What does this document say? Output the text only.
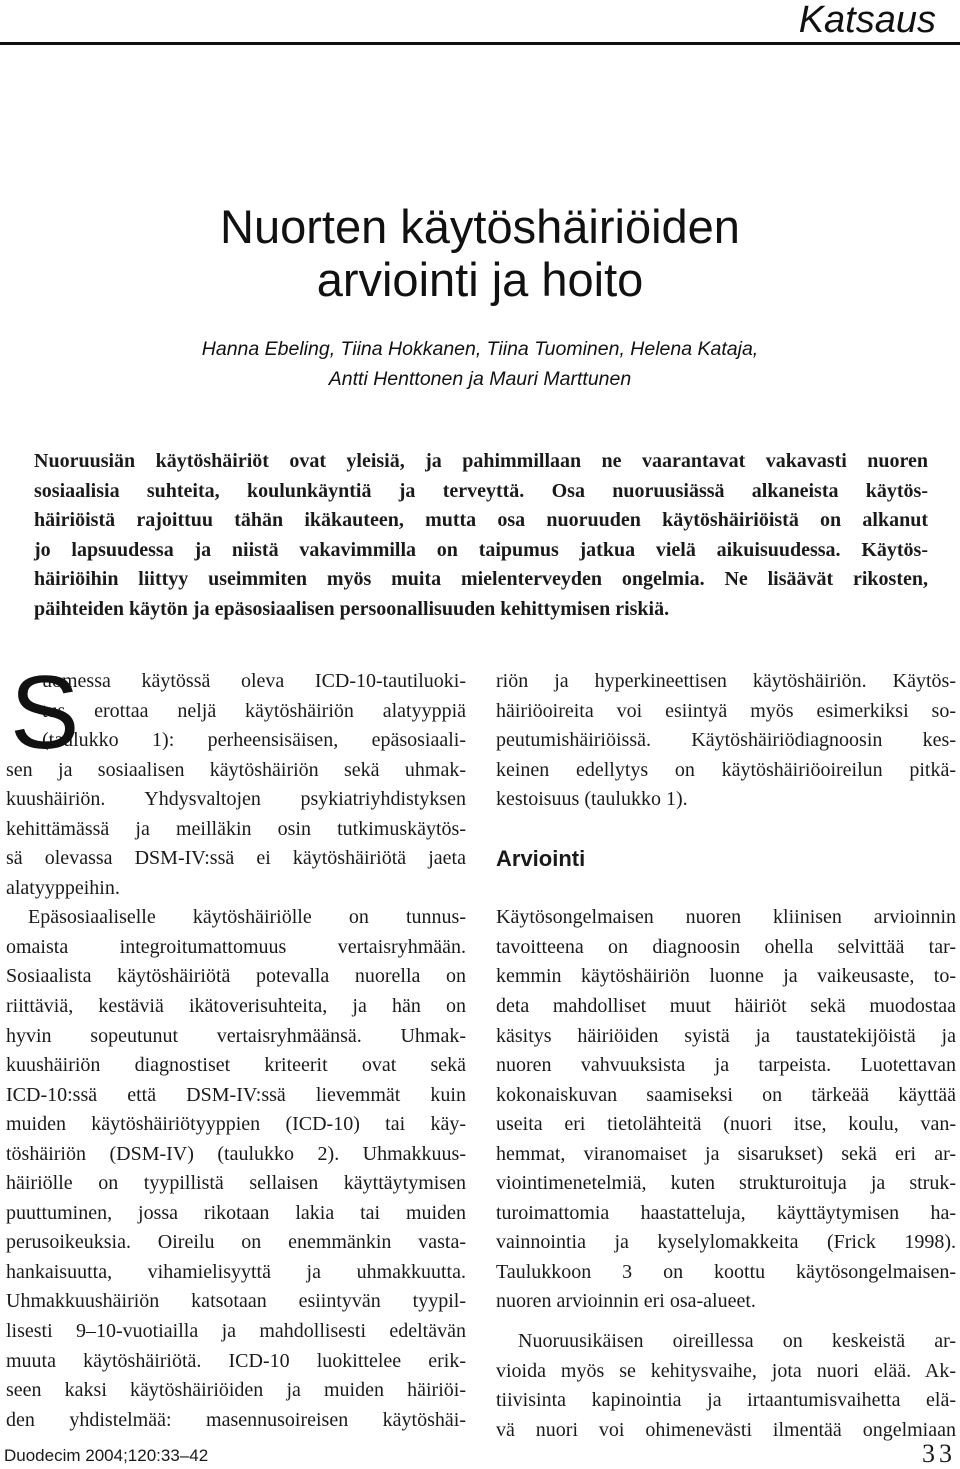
Katsaus
Nuorten käytöshäiriöiden
arviointi ja hoito

Hanna Ebeling, Tiina Hokkanen, Tiina Tuominen, Helena Kataja,
Antti Henttonen ja Mauri Marttunen

Nuoruusiän käytöshäiriöt ovat yleisiä, ja pahimmillaan ne vaarantavat vakavasti nuoren
sosiaalisia suhteita, koulunkäyntiä ja terveyttä. Osa nuoruusiässä alkaneista käytös-
häiriöistä rajoittuu tähän ikäkauteen, mutta osa nuoruuden käytöshäiriöistä on alkanut
jo lapsuudessa ja niistä vakavimmilla on taipumus jatkua vielä aikuisuudessa. Käytös-
häiriöihin liittyy useimmiten myös muita mielenterveyden ongelmia. Ne lisäävät rikosten,
päihteiden käytön ja epäsosiaalisen persoonallisuuden kehittymisen riskiä.

S
uomessa käytössä oleva ICD-10-tautiluoki-
tus erottaa neljä käytöshäiriön alatyyppiä
(taulukko 1): perheensisäisen, epäsosiaali-
sen ja sosiaalisen käytöshäiriön sekä uhmak-
kuushäiriön. Yhdysvaltojen psykiatriyhdistyksen
kehittämässä ja meilläkin osin tutkimuskäytös-
sä olevassa DSM-IV:ssä ei käytöshäiriötä jaeta
alatyyppeihin.
Epäsosiaaliselle käytöshäiriölle on tunnus-
omaista integroitumattomuus vertaisryhmään.
Sosiaalista käytöshäiriötä potevalla nuorella on
riittäviä, kestäviä ikätoverisuhteita, ja hän on
hyvin sopeutunut vertaisryhmäänsä. Uhmak-
kuushäiriön diagnostiset kriteerit ovat sekä
ICD-10:ssä että DSM-IV:ssä lievemmät kuin
muiden käytöshäiriötyyppien (ICD-10) tai käy-
töshäiriön (DSM-IV) (taulukko 2). Uhmakkuus-
häiriölle on tyypillistä sellaisen käyttäytymisen
puuttuminen, jossa rikotaan lakia tai muiden
perusoikeuksia. Oireilu on enemmänkin vasta-
hankaisuutta, vihamielisyyttä ja uhmakkuutta.
Uhmakkuushäiriön katsotaan esiintyvän tyypil-
lisesti 9–10-vuotiailla ja mahdollisesti edeltävän
muuta käytöshäiriötä. ICD-10 luokittelee erik-
seen kaksi käytöshäiriöiden ja muiden häiriöi-
den yhdistelmää: masennusoireisen käytöshäi-
riön ja hyperkineettisen käytöshäiriön. Käytös-
häiriöoireita voi esiintyä myös esimerkiksi so-
peutumishäiriöissä. Käytöshäiriödiagnoosin kes-
keinen edellytys on käytöshäiriöoireilun pitkä-
kestoisuus (taulukko 1).
Arviointi
Käytösongelmaisen nuoren kliinisen arvioinnin
tavoitteena on diagnoosin ohella selvittää tar-
kemmin käytöshäiriön luonne ja vaikeusaste, to-
deta mahdolliset muut häiriöt sekä muodostaa
käsitys häiriöiden syistä ja taustatekijöistä ja
nuoren vahvuuksista ja tarpeista. Luotettavan
kokonaiskuvan saamiseksi on tärkeää käyttää
useita eri tietolähteitä (nuori itse, koulu, van-
hemmat, viranomaiset ja sisarukset) sekä eri ar-
viointimenetelmiä, kuten strukturoituja ja struk-
turoimattomia haastatteluja, käyttäytymisen ha-
vainnointia ja kyselylomakkeita (Frick 1998).
Taulukkoon 3 on koottu käytösongelmaisen-
nuoren arvioinnin eri osa-alueet.
Nuoruusikäisen oireillessa on keskeistä ar-
vioida myös se kehitysvaihe, jota nuori elää. Ak-
tiivisinta kapinointia ja irtaantumisvaihetta elä-
vä nuori voi ohimenevästi ilmentää ongelmiaan
Duodecim 2004;120:33–42	33
